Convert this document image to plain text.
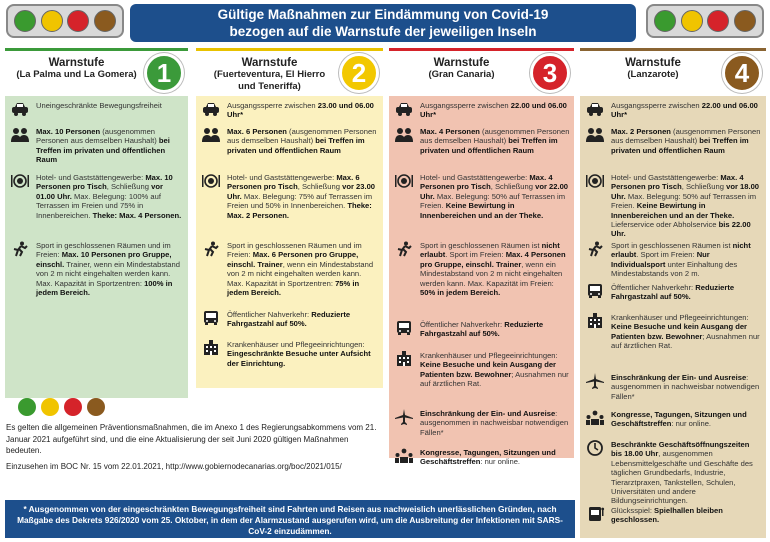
Gültige Maßnahmen zur Eindämmung von Covid-19
bezogen auf die Warnstufe der jeweiligen Inseln
Warnstufe
(La Palma und La Gomera) 1
Uneingeschränkte Bewegungsfreiheit
Max. 10 Personen (ausgenommen Personen aus demselben Haushalt) bei Treffen im privaten und öffentlichen Raum
Hotel- und Gaststättengewerbe: Max. 10 Personen pro Tisch, Schließung vor 01.00 Uhr. Max. Belegung: 100% auf Terrassen im Freien und 75% in Innenbereichen. Theke: Max. 4 Personen.
Sport in geschlossenen Räumen und im Freien: Max. 10 Personen pro Gruppe, einschl. Trainer, wenn ein Mindestabstand von 2 m nicht eingehalten werden kann. Max. Kapazität in Sportzentren: 100% in jedem Bereich.
Warnstufe
(Fuerteventura, El Hierro und Teneriffa)	2
Ausgangssperre zwischen 23.00 und 06.00 Uhr*
Max. 6 Personen (ausgenommen Personen aus demselben Haushalt) bei Treffen im privaten und öffentlichen Raum
Hotel- und Gaststättengewerbe: Max. 6 Personen pro Tisch, Schließung vor 23.00 Uhr. Max. Belegung: 75% auf Terrassen im Freien und 50% in Innenbereichen. Theke: Max. 2 Personen.
Sport in geschlossenen Räumen und im Freien: Max. 6 Personen pro Gruppe, einschl. Trainer, wenn ein Mindestabstand von 2 m nicht eingehalten werden kann. Max. Kapazität in Sportzentren: 75% in jedem Bereich.
Öffentlicher Nahverkehr: Reduzierte Fahrgastzahl auf 50%.
Krankenhäuser und Pflegeeinrichtungen: Eingeschränkte Besuche unter Aufsicht der Einrichtung.
Warnstufe
(Gran Canaria)	3
Ausgangssperre zwischen 22.00 und 06.00 Uhr*
Max. 4 Personen (ausgenommen Personen aus demselben Haushalt) bei Treffen im privaten und öffentlichen Raum
Hotel- und Gaststättengewerbe: Max. 4 Personen pro Tisch, Schließung vor 22.00 Uhr. Max. Belegung: 50% auf Terrassen im Freien. Keine Bewirtung in Innenbereichen und an der Theke.
Sport in geschlossenen Räumen ist nicht erlaubt. Sport im Freien: Max. 4 Personen pro Gruppe, einschl. Trainer, wenn ein Mindestabstand von 2 m nicht eingehalten werden kann. Max. Kapazität im Freien: 50% in jedem Bereich.
Öffentlicher Nahverkehr: Reduzierte Fahrgastzahl auf 50%.
Krankenhäuser und Pflegeeinrichtungen: Keine Besuche und kein Ausgang der Patienten bzw. Bewohner; Ausnahmen nur auf ärztlichen Rat.
Einschränkung der Ein- und Ausreise: ausgenommen in nachweisbar notwendigen Fällen*
Kongresse, Tagungen, Sitzungen und Geschäftstreffen: nur online.
Warnstufe
(Lanzarote)	4
Ausgangssperre zwischen 22.00 und 06.00 Uhr*
Max. 2 Personen (ausgenommen Personen aus demselben Haushalt) bei Treffen im privaten und öffentlichen Raum
Hotel- und Gaststättengewerbe: Max. 4 Personen pro Tisch, Schließung vor 18.00 Uhr. Max. Belegung: 50% auf Terrassen im Freien. Keine Bewirtung in Innenbereichen und an der Theke. Lieferservice oder Abholservice bis 22.00 Uhr.
Sport in geschlossenen Räumen ist nicht erlaubt. Sport im Freien: Nur Individualsport unter Einhaltung des Mindestabstands von 2 m.
Öffentlicher Nahverkehr: Reduzierte Fahrgastzahl auf 50%.
Krankenhäuser und Pflegeeinrichtungen: Keine Besuche und kein Ausgang der Patienten bzw. Bewohner; Ausnahmen nur auf ärztlichen Rat.
Einschränkung der Ein- und Ausreise: ausgenommen in nachweisbar notwendigen Fällen*
Kongresse, Tagungen, Sitzungen und Geschäftstreffen: nur online.
Beschränkte Geschäftsöffnungszeiten bis 18.00 Uhr, ausgenommen Lebensmittelgeschäfte und Geschäfte des täglichen Grundbedarfs, Industrie, Tierarztpraxen, Tankstellen, Schulen, Universitäten und andere Bildungseinrichtungen.
Glücksspiel: Spielhallen bleiben geschlossen.
Es gelten die allgemeinen Präventionsmaßnahmen, die im Anexo 1 des Regierungsabkommens vom 21. Januar 2021 aufgeführt sind, und die eine Aktualisierung der seit Juni 2020 gültigen Maßnahmen bedeuten.
Einzusehen im BOC Nr. 15 vom 22.01.2021, http://www.gobiernodecanarias.org/boc/2021/015/
* Ausgenommen von der eingeschränkten Bewegungsfreiheit sind Fahrten und Reisen aus nachweislich unerlässlichen Gründen, nach Maßgabe des Dekrets 926/2020 vom 25. Oktober, in dem der Alarmzustand ausgerufen wird, um die Ausbreitung der Infektionen mit SARS-CoV-2 einzudämmen.
